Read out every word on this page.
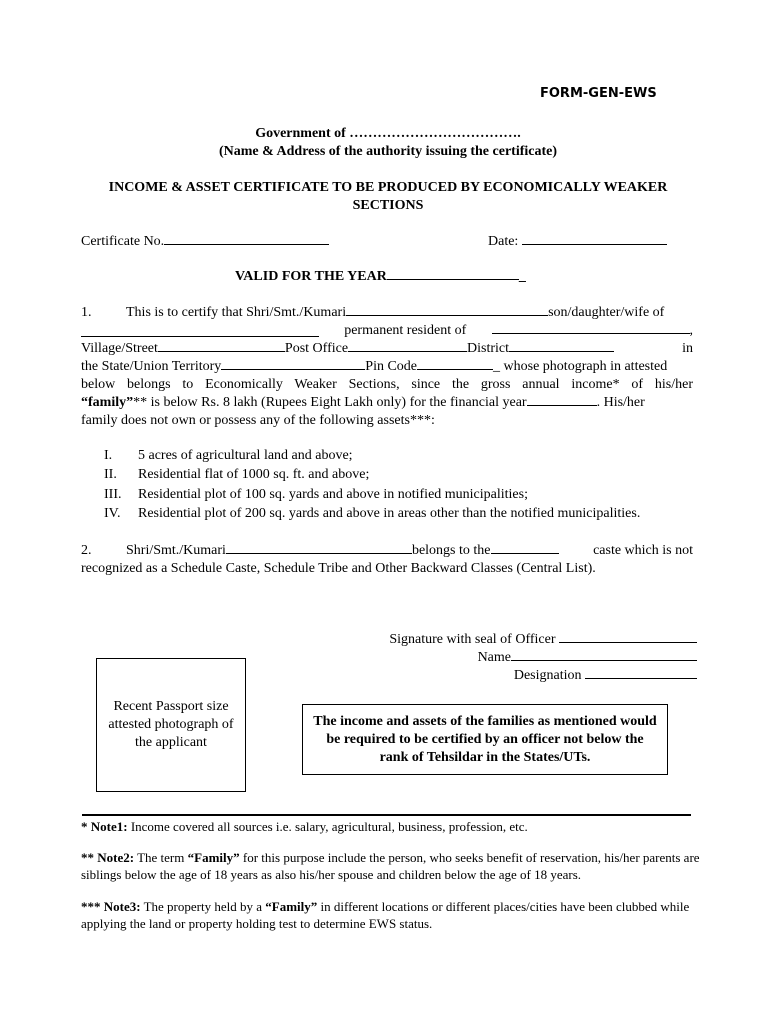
FORM-GEN-EWS
Government of ……………………………….
(Name & Address of the authority issuing the certificate)
INCOME & ASSET CERTIFICATE TO BE PRODUCED BY ECONOMICALLY WEAKER
SECTIONS
Certificate No.	Date:
VALID FOR THE YEAR	_
1. This is to certify that Shri/Smt./Kumari	son/daughter/wife of
permanent resident of	,
Village/Street	Post Office	District	in
the State/Union Territory	Pin Code	_ whose photograph in attested
below belongs to Economically Weaker Sections, since the gross annual income* of his/her
“family”** is below Rs. 8 lakh (Rupees Eight Lakh only) for the financial year	. His/her
family does not own or possess any of the following assets***:
I. 5 acres of agricultural land and above;
II. Residential flat of 1000 sq. ft. and above;
III. Residential plot of 100 sq. yards and above in notified municipalities;
IV. Residential plot of 200 sq. yards and above in areas other than the notified municipalities.
2. Shri/Smt./Kumari	belongs to the	caste which is not
recognized as a Schedule Caste, Schedule Tribe and Other Backward Classes (Central List).
Signature with seal of Officer
Name
Designation
Recent Passport size attested photograph of the applicant
The income and assets of the families as mentioned would be required to be certified by an officer not below the rank of Tehsildar in the States/UTs.
* Note1: Income covered all sources i.e. salary, agricultural, business, profession, etc.
** Note2: The term “Family” for this purpose include the person, who seeks benefit of reservation, his/her parents are siblings below the age of 18 years as also his/her spouse and children below the age of 18 years.
*** Note3: The property held by a “Family” in different locations or different places/cities have been clubbed while applying the land or property holding test to determine EWS status.
